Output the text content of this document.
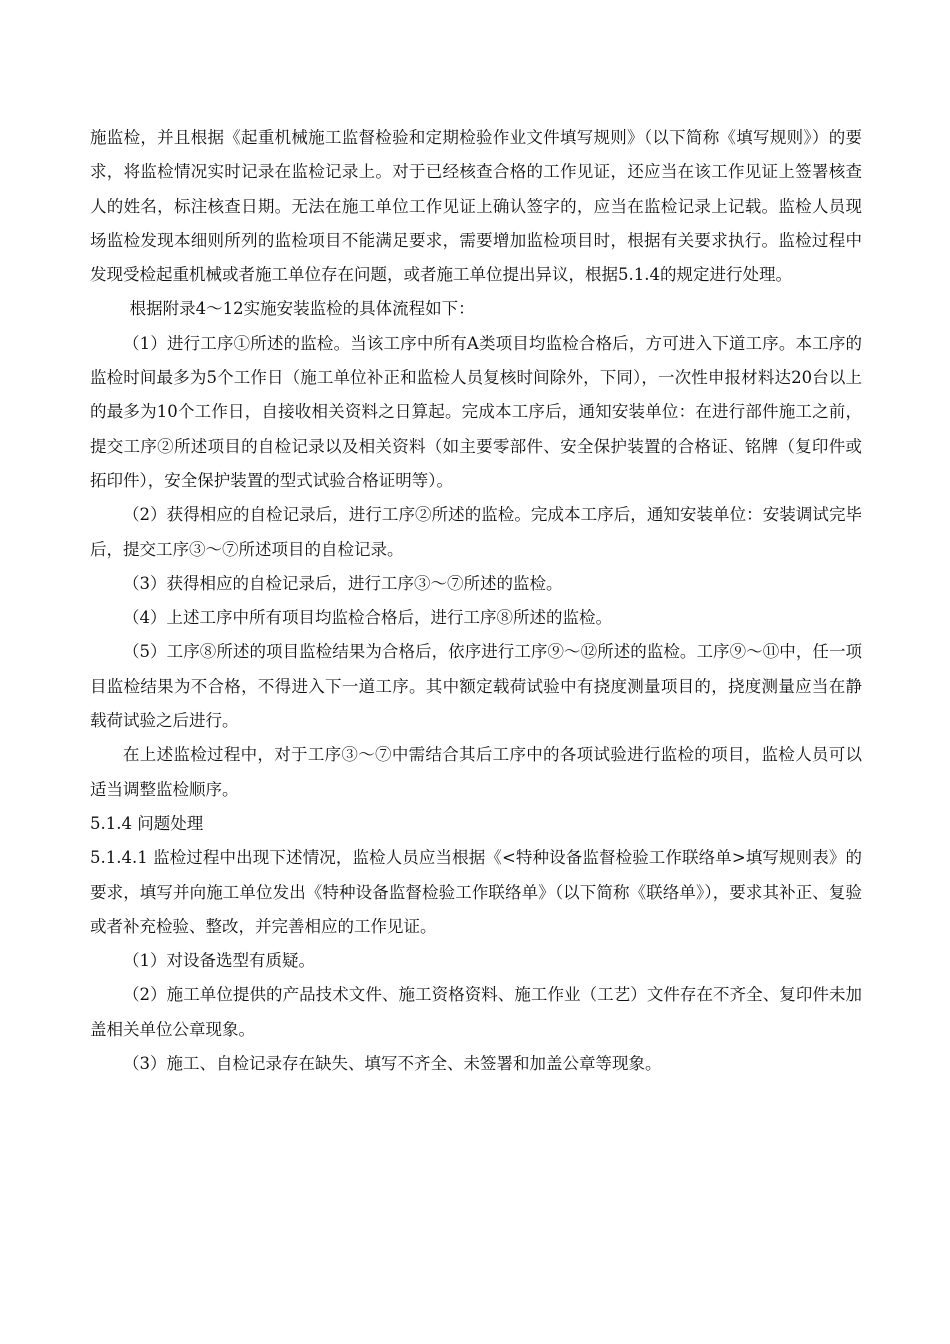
施监检，并且根据《起重机械施工监督检验和定期检验作业文件填写规则》（以下简称《填写规则》）的要求，将监检情况实时记录在监检记录上。对于已经核查合格的工作见证，还应当在该工作见证上签署核查人的姓名，标注核查日期。无法在施工单位工作见证上确认签字的，应当在监检记录上记载。监检人员现场监检发现本细则所列的监检项目不能满足要求，需要增加监检项目时，根据有关要求执行。监检过程中发现受检起重机械或者施工单位存在问题，或者施工单位提出异议，根据5.1.4的规定进行处理。

根据附录4～12实施安装监检的具体流程如下：

（1）进行工序①所述的监检。当该工序中所有A类项目均监检合格后，方可进入下道工序。本工序的监检时间最多为5个工作日（施工单位补正和监检人员复核时间除外，下同），一次性申报材料达20台以上的最多为10个工作日，自接收相关资料之日算起。完成本工序后，通知安装单位：在进行部件施工之前，提交工序②所述项目的自检记录以及相关资料（如主要零部件、安全保护装置的合格证、铭牌（复印件或拓印件），安全保护装置的型式试验合格证明等）。

（2）获得相应的自检记录后，进行工序②所述的监检。完成本工序后，通知安装单位：安装调试完毕后，提交工序③～⑦所述项目的自检记录。

（3）获得相应的自检记录后，进行工序③～⑦所述的监检。

（4）上述工序中所有项目均监检合格后，进行工序⑧所述的监检。

（5）工序⑧所述的项目监检结果为合格后，依序进行工序⑨～⑫所述的监检。工序⑨～⑪中，任一项目监检结果为不合格，不得进入下一道工序。其中额定载荷试验中有挠度测量项目的，挠度测量应当在静载荷试验之后进行。

在上述监检过程中，对于工序③～⑦中需结合其后工序中的各项试验进行监检的项目，监检人员可以适当调整监检顺序。

5.1.4 问题处理

5.1.4.1 监检过程中出现下述情况，监检人员应当根据《<特种设备监督检验工作联络单>填写规则表》的要求，填写并向施工单位发出《特种设备监督检验工作联络单》（以下简称《联络单》），要求其补正、复验或者补充检验、整改，并完善相应的工作见证。

（1）对设备选型有质疑。

（2）施工单位提供的产品技术文件、施工资格资料、施工作业（工艺）文件存在不齐全、复印件未加盖相关单位公章现象。

（3）施工、自检记录存在缺失、填写不齐全、未签署和加盖公章等现象。
